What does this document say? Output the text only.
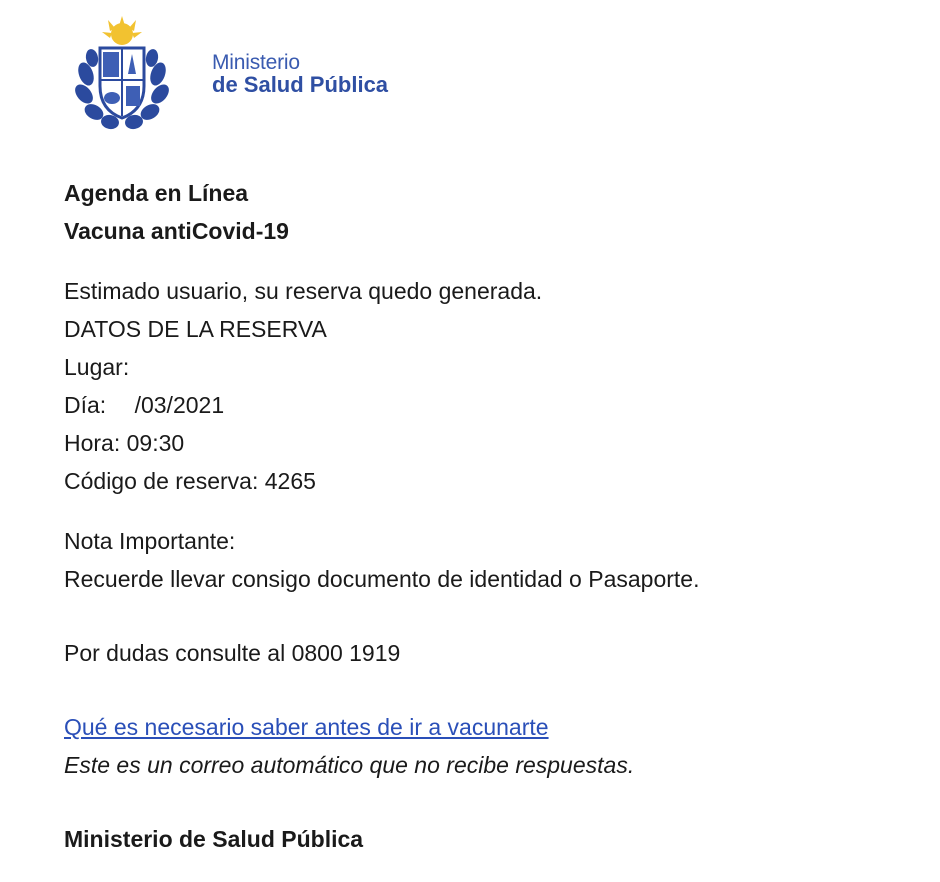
Ministerio
de Salud Pública
Agenda en Línea
Vacuna antiCovid-19
Estimado usuario, su reserva quedo generada.
DATOS DE LA RESERVA
Lugar:
Día: /03/2021
Hora: 09:30
Código de reserva: 4265
Nota Importante:
Recuerde llevar consigo documento de identidad o Pasaporte.
Por dudas consulte al 0800 1919
Qué es necesario saber antes de ir a vacunarte
Este es un correo automático que no recibe respuestas.
Ministerio de Salud Pública
